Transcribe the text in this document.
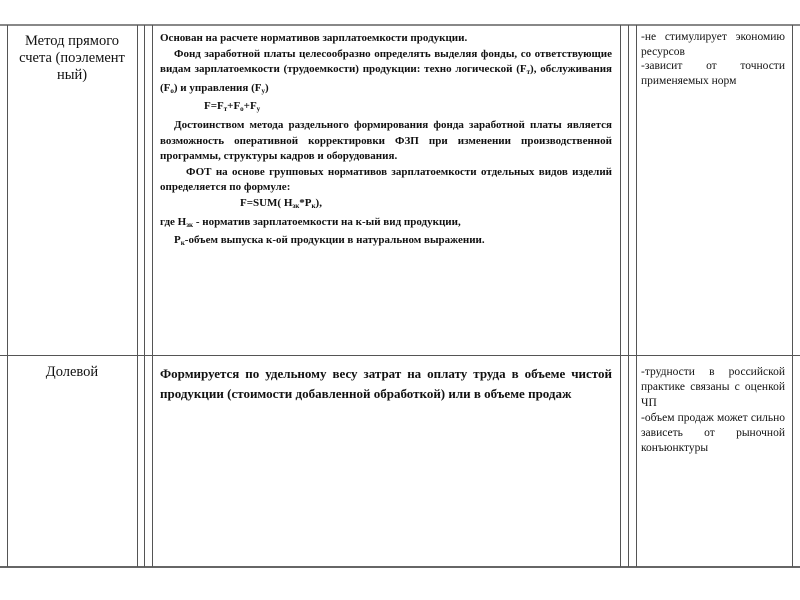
Метод прямого счета (поэлемент ный)

Основан на расчете нормативов зарплатоемкости продукции.

Фонд заработной платы целесообразно определять выделяя фонды, со ответствующие видам зарплатоемкости (трудоемкости) продукции: техно логической $(F_т)$, обслуживания $(F_о)$ и управления $(F_у)$

$F=F_т+F_о+F_у$

Достоинством метода раздельного формирования фонда заработной платы является возможность оперативной корректировки ФЗП при изменении производственной программы, структуры кадров и оборудования.

ФОТ на основе групповых нормативов зарплатоемкости отдельных видов изделий определяется по формуле:

F=SUM( $H_{зк}*P_к$),

где $H_{зк}$ - норматив зарплатоемкости на к-ый вид продукции,

$P_к$-объем выпуска к-ой продукции в натуральном выражении.

-не стимулирует экономию ресурсов

-зависит от точности применяемых норм

Долевой	Формируется по удельному весу затрат на оплату труда в объеме чистой продукции (стоимости добавленной обработкой) или в объеме продаж

-трудности в российской практике связаны с оценкой ЧП

-объем продаж может сильно зависеть от рыночной конъюнктуры
